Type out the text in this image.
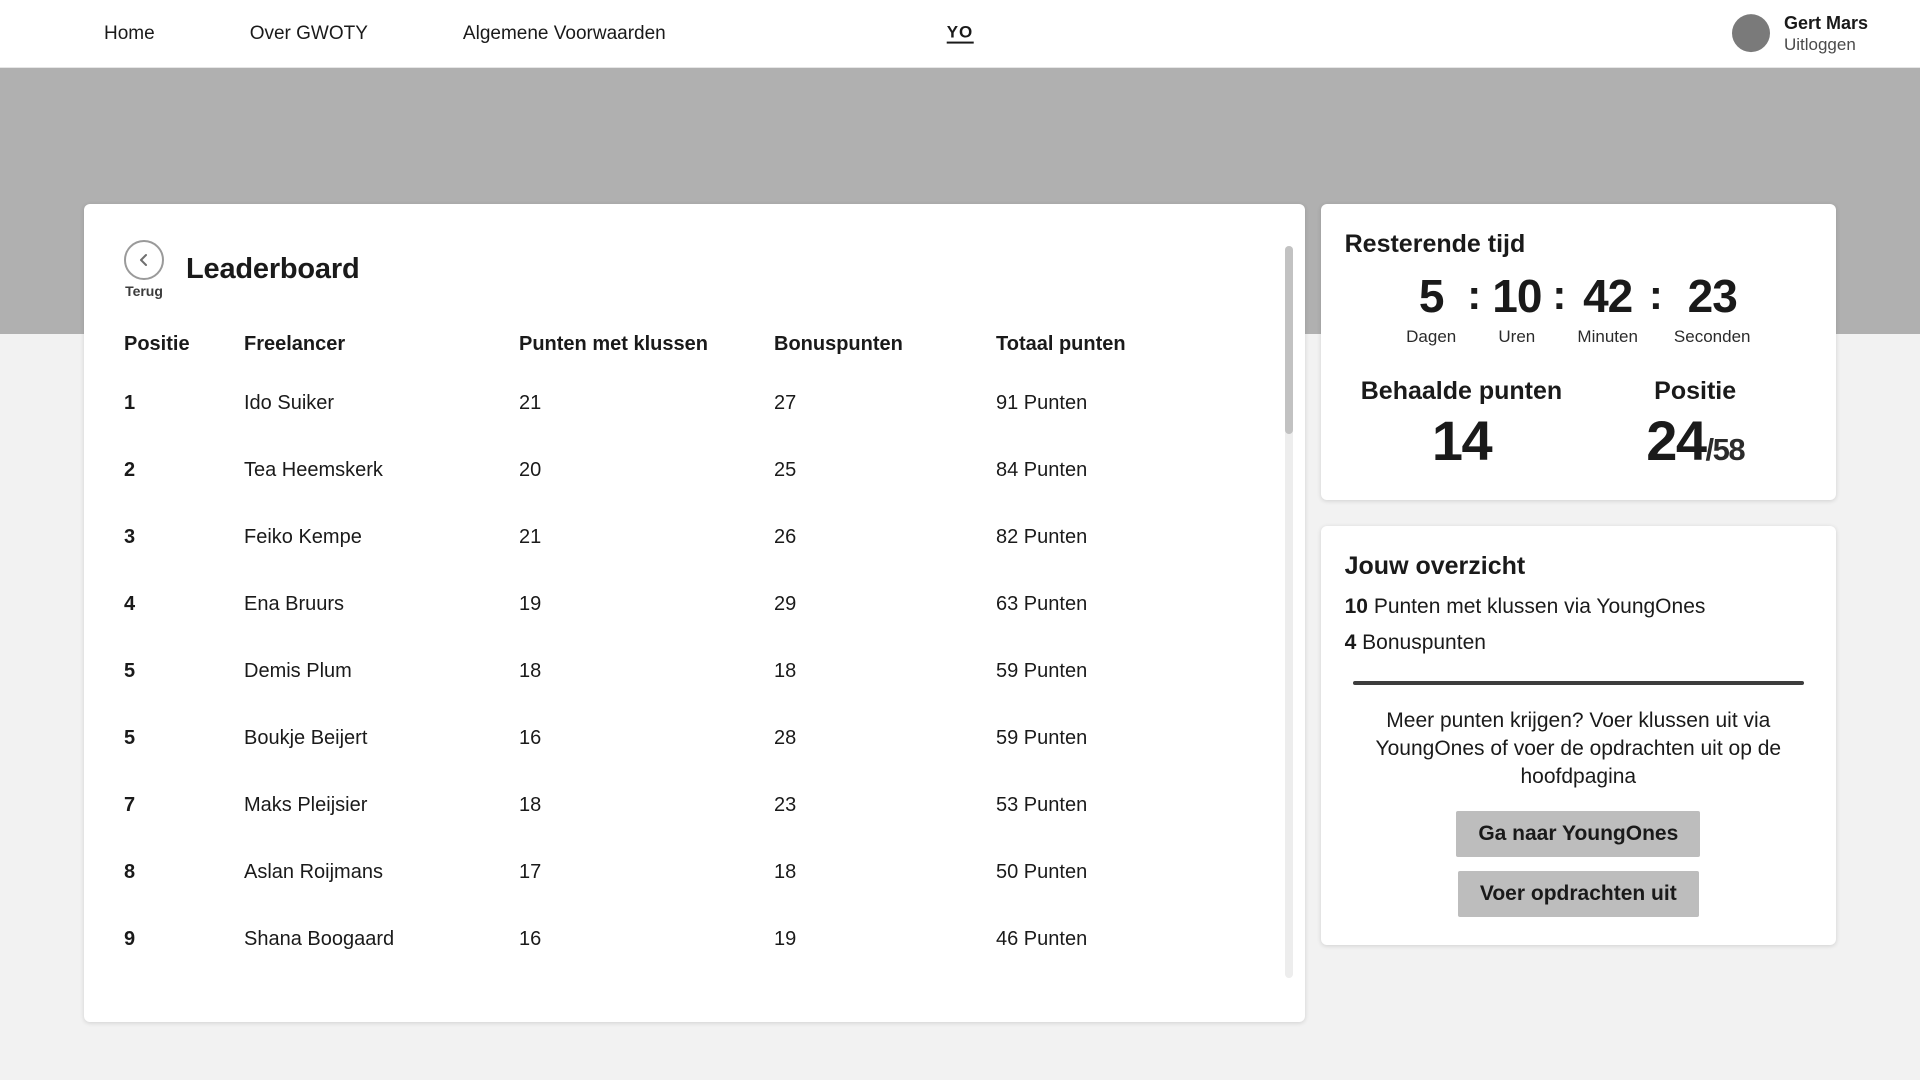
Home	Over GWOTY	Algemene Voorwaarden	YO	Gert Mars
Uitloggen
Terug
Leaderboard
Positie	Freelancer	Punten met klussen	Bonuspunten	Totaal punten
1	Ido Suiker	21	27	91 Punten
2	Tea Heemskerk	20	25	84 Punten
3	Feiko Kempe	21	26	82 Punten
4	Ena Bruurs	19	29	63 Punten
5	Demis Plum	18	18	59 Punten
5	Boukje Beijert	16	28	59 Punten
7	Maks Pleijsier	18	23	53 Punten
8	Aslan Roijmans	17	18	50 Punten
9	Shana Boogaard	16	19	46 Punten
Resterende tijd
5
Dagen
: 10
Uren
: 42
Minuten
: 23
Seconden
Behaalde punten
14
Positie
24/58
Jouw overzicht
10 Punten met klussen via YoungOnes
4 Bonuspunten
Meer punten krijgen? Voer klussen uit via YoungOnes of voer de opdrachten uit op de hoofdpagina
Ga naar YoungOnes
Voer opdrachten uit
